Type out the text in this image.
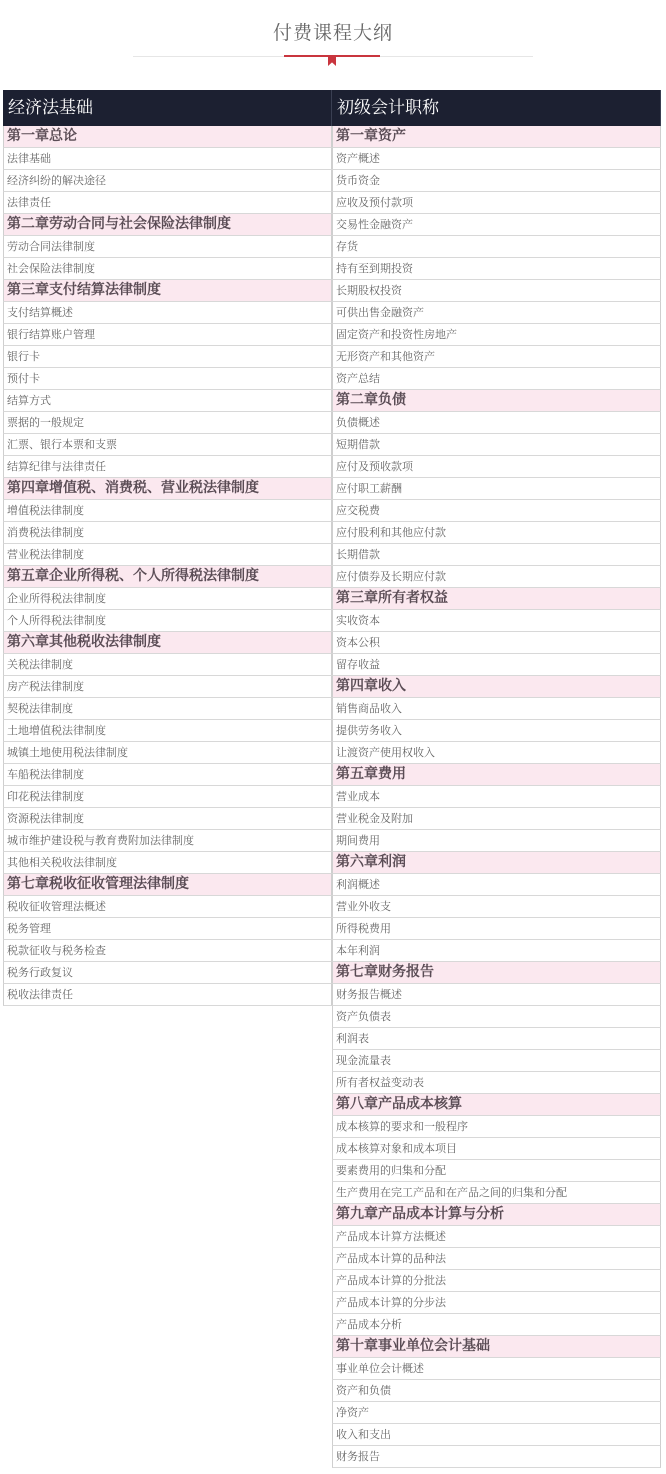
付费课程大纲
经济法基础
第一章总论
法律基础
经济纠纷的解决途径
法律责任
第二章劳动合同与社会保险法律制度
劳动合同法律制度
社会保险法律制度
第三章支付结算法律制度
支付结算概述
银行结算账户管理
银行卡
预付卡
结算方式
票据的一般规定
汇票、银行本票和支票
结算纪律与法律责任
第四章增值税、消费税、营业税法律制度
增值税法律制度
消费税法律制度
营业税法律制度
第五章企业所得税、个人所得税法律制度
企业所得税法律制度
个人所得税法律制度
第六章其他税收法律制度
关税法律制度
房产税法律制度
契税法律制度
土地增值税法律制度
城镇土地使用税法律制度
车船税法律制度
印花税法律制度
资源税法律制度
城市维护建设税与教育费附加法律制度
其他相关税收法律制度
第七章税收征收管理法律制度
税收征收管理法概述
税务管理
税款征收与税务检查
税务行政复议
税收法律责任
初级会计职称
第一章资产
资产概述
货币资金
应收及预付款项
交易性金融资产
存货
持有至到期投资
长期股权投资
可供出售金融资产
固定资产和投资性房地产
无形资产和其他资产
资产总结
第二章负债
负债概述
短期借款
应付及预收款项
应付职工薪酬
应交税费
应付股利和其他应付款
长期借款
应付债券及长期应付款
第三章所有者权益
实收资本
资本公积
留存收益
第四章收入
销售商品收入
提供劳务收入
让渡资产使用权收入
第五章费用
营业成本
营业税金及附加
期间费用
第六章利润
利润概述
营业外收支
所得税费用
本年利润
第七章财务报告
财务报告概述
资产负债表
利润表
现金流量表
所有者权益变动表
第八章产品成本核算
成本核算的要求和一般程序
成本核算对象和成本项目
要素费用的归集和分配
生产费用在完工产品和在产品之间的归集和分配
第九章产品成本计算与分析
产品成本计算方法概述
产品成本计算的品种法
产品成本计算的分批法
产品成本计算的分步法
产品成本分析
第十章事业单位会计基础
事业单位会计概述
资产和负债
净资产
收入和支出
财务报告
